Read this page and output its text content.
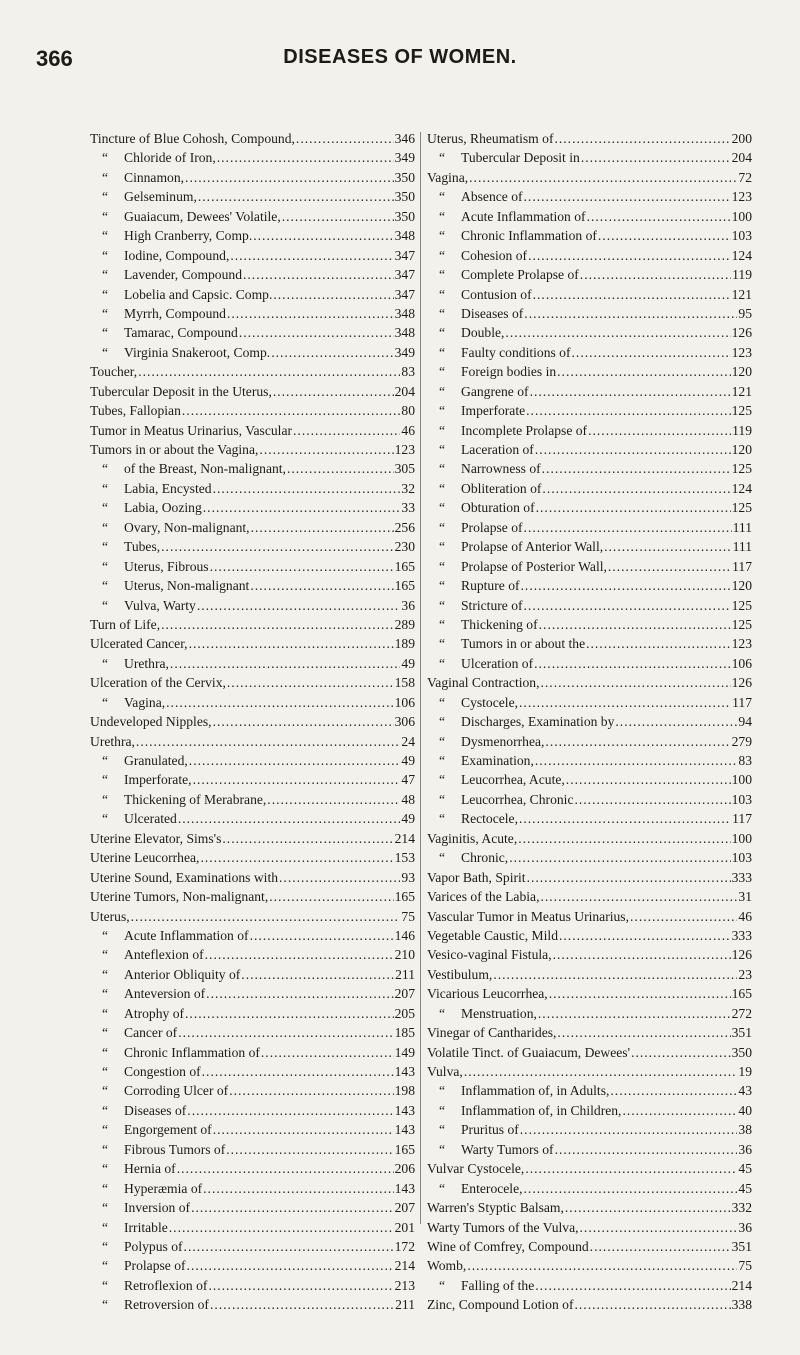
366	DISEASES OF WOMEN.
Tincture of Blue Cohosh, Compound, .....	346
“ Chloride of Iron, .....	349
“ Cinnamon, .....	350
“ Gelseminum, .....	350
“ Guaiacum, Dewees' Volatile, .....	350
“ High Cranberry, Comp. .....	348
“ Iodine, Compound, .....	347
“ Lavender, Compound .....	347
“ Lobelia and Capsic. Comp. .....	347
“ Myrrh, Compound .....	348
“ Tamarac, Compound .....	348
“ Virginia Snakeroot, Comp. .....	349
Toucher, .....	83
Tubercular Deposit in the Uterus, .....	204
Tubes, Fallopian .....	80
Tumor in Meatus Urinarius, Vascular .....	46
Tumors in or about the Vagina, .....	123
“ of the Breast, Non-malignant, .....	305
“ Labia, Encysted .....	32
“ Labia, Oozing .....	33
“ Ovary, Non-malignant, .....	256
“ Tubes, .....	230
“ Uterus, Fibrous .....	165
“ Uterus, Non-malignant .....	165
“ Vulva, Warty .....	36
Turn of Life, .....	289
Ulcerated Cancer, .....	189
“ Urethra, .....	49
Ulceration of the Cervix, .....	158
“ Vagina, .....	106
Undeveloped Nipples, .....	306
Urethra, .....	24
“ Granulated, .....	49
“ Imperforate, .....	47
“ Thickening of Merabrane, .....	48
“ Ulcerated .....	49
Uterine Elevator, Sims's .....	214
Uterine Leucorrhea, .....	153
Uterine Sound, Examinations with .....	93
Uterine Tumors, Non-malignant, .....	165
Uterus, .....	75
“ Acute Inflammation of .....	146
“ Anteflexion of .....	210
“ Anterior Obliquity of .....	211
“ Anteversion of .....	207
“ Atrophy of .....	205
“ Cancer of .....	185
“ Chronic Inflammation of .....	149
“ Congestion of .....	143
“ Corroding Ulcer of .....	198
“ Diseases of .....	143
“ Engorgement of .....	143
“ Fibrous Tumors of .....	165
“ Hernia of .....	206
“ Hyperæmia of .....	143
“ Inversion of .....	207
“ Irritable .....	201
“ Polypus of .....	172
“ Prolapse of .....	214
“ Retroflexion of .....	213
“ Retroversion of .....	211
Uterus, Rheumatism of .....	200
“ Tubercular Deposit in .....	204
Vagina, .....	72
“ Absence of .....	123
“ Acute Inflammation of .....	100
“ Chronic Inflammation of .....	103
“ Cohesion of .....	124
“ Complete Prolapse of .....	119
“ Contusion of .....	121
“ Diseases of .....	95
“ Double, .....	126
“ Faulty conditions of .....	123
“ Foreign bodies in .....	120
“ Gangrene of .....	121
“ Imperforate .....	125
“ Incomplete Prolapse of .....	119
“ Laceration of .....	120
“ Narrowness of .....	125
“ Obliteration of .....	124
“ Obturation of .....	125
“ Prolapse of .....	111
“ Prolapse of Anterior Wall, .....	111
“ Prolapse of Posterior Wall, .....	117
“ Rupture of .....	120
“ Stricture of .....	125
“ Thickening of .....	125
“ Tumors in or about the .....	123
“ Ulceration of .....	106
Vaginal Contraction, .....	126
“ Cystocele, .....	117
“ Discharges, Examination by .....	94
“ Dysmenorrhea, .....	279
“ Examination, .....	83
“ Leucorrhea, Acute, .....	100
“ Leucorrhea, Chronic .....	103
“ Rectocele, .....	117
Vaginitis, Acute, .....	100
“ Chronic, .....	103
Vapor Bath, Spirit .....	333
Varices of the Labia, .....	31
Vascular Tumor in Meatus Urinarius, .....	46
Vegetable Caustic, Mild .....	333
Vesico-vaginal Fistula, .....	126
Vestibulum, .....	23
Vicarious Leucorrhea, .....	165
“ Menstruation, .....	272
Vinegar of Cantharides, .....	351
Volatile Tinct. of Guaiacum, Dewees' .....	350
Vulva, .....	19
“ Inflammation of, in Adults, .....	43
“ Inflammation of, in Children, .....	40
“ Pruritus of .....	38
“ Warty Tumors of .....	36
Vulvar Cystocele, .....	45
“ Enterocele, .....	45
Warren's Styptic Balsam, .....	332
Warty Tumors of the Vulva, .....	36
Wine of Comfrey, Compound .....	351
Womb, .....	75
“ Falling of the .....	214
Zinc, Compound Lotion of .....	338
